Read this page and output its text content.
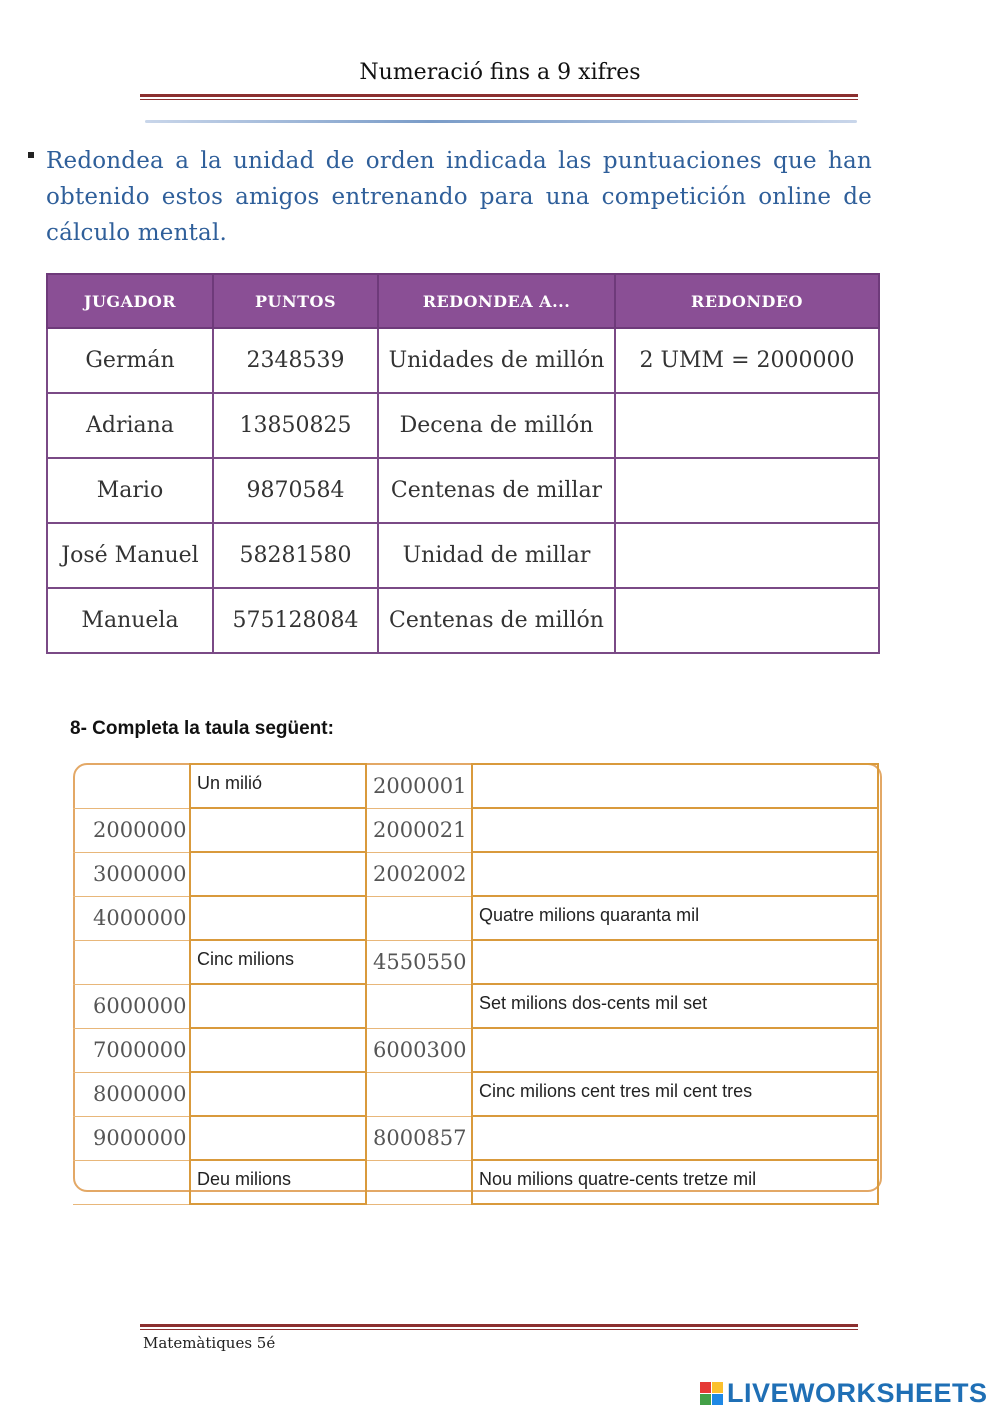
Numeració fins a 9 xifres
Redondea a la unidad de orden indicada las puntuaciones que han obtenido estos amigos entrenando para una competición online de cálculo mental.
JUGADOR	PUNTOS	REDONDEA A...	REDONDEO
Germán	2348539	Unidades de millón	2 UMM = 2000000
Adriana	13850825	Decena de millón	
Mario	9870584	Centenas de millar	
José Manuel	58281580	Unidad de millar	
Manuela	575128084	Centenas de millón	
8- Completa la taula següent:
	Un milió	2000001	
2000000		2000021	
3000000		2002002	
4000000			Quatre milions quaranta mil
	Cinc milions	4550550	
6000000			Set milions dos-cents mil set
7000000		6000300	
8000000			Cinc milions cent tres mil cent tres
9000000		8000857	
	Deu milions		Nou milions quatre-cents tretze mil
Matemàtiques 5é
LIVEWORKSHEETS
